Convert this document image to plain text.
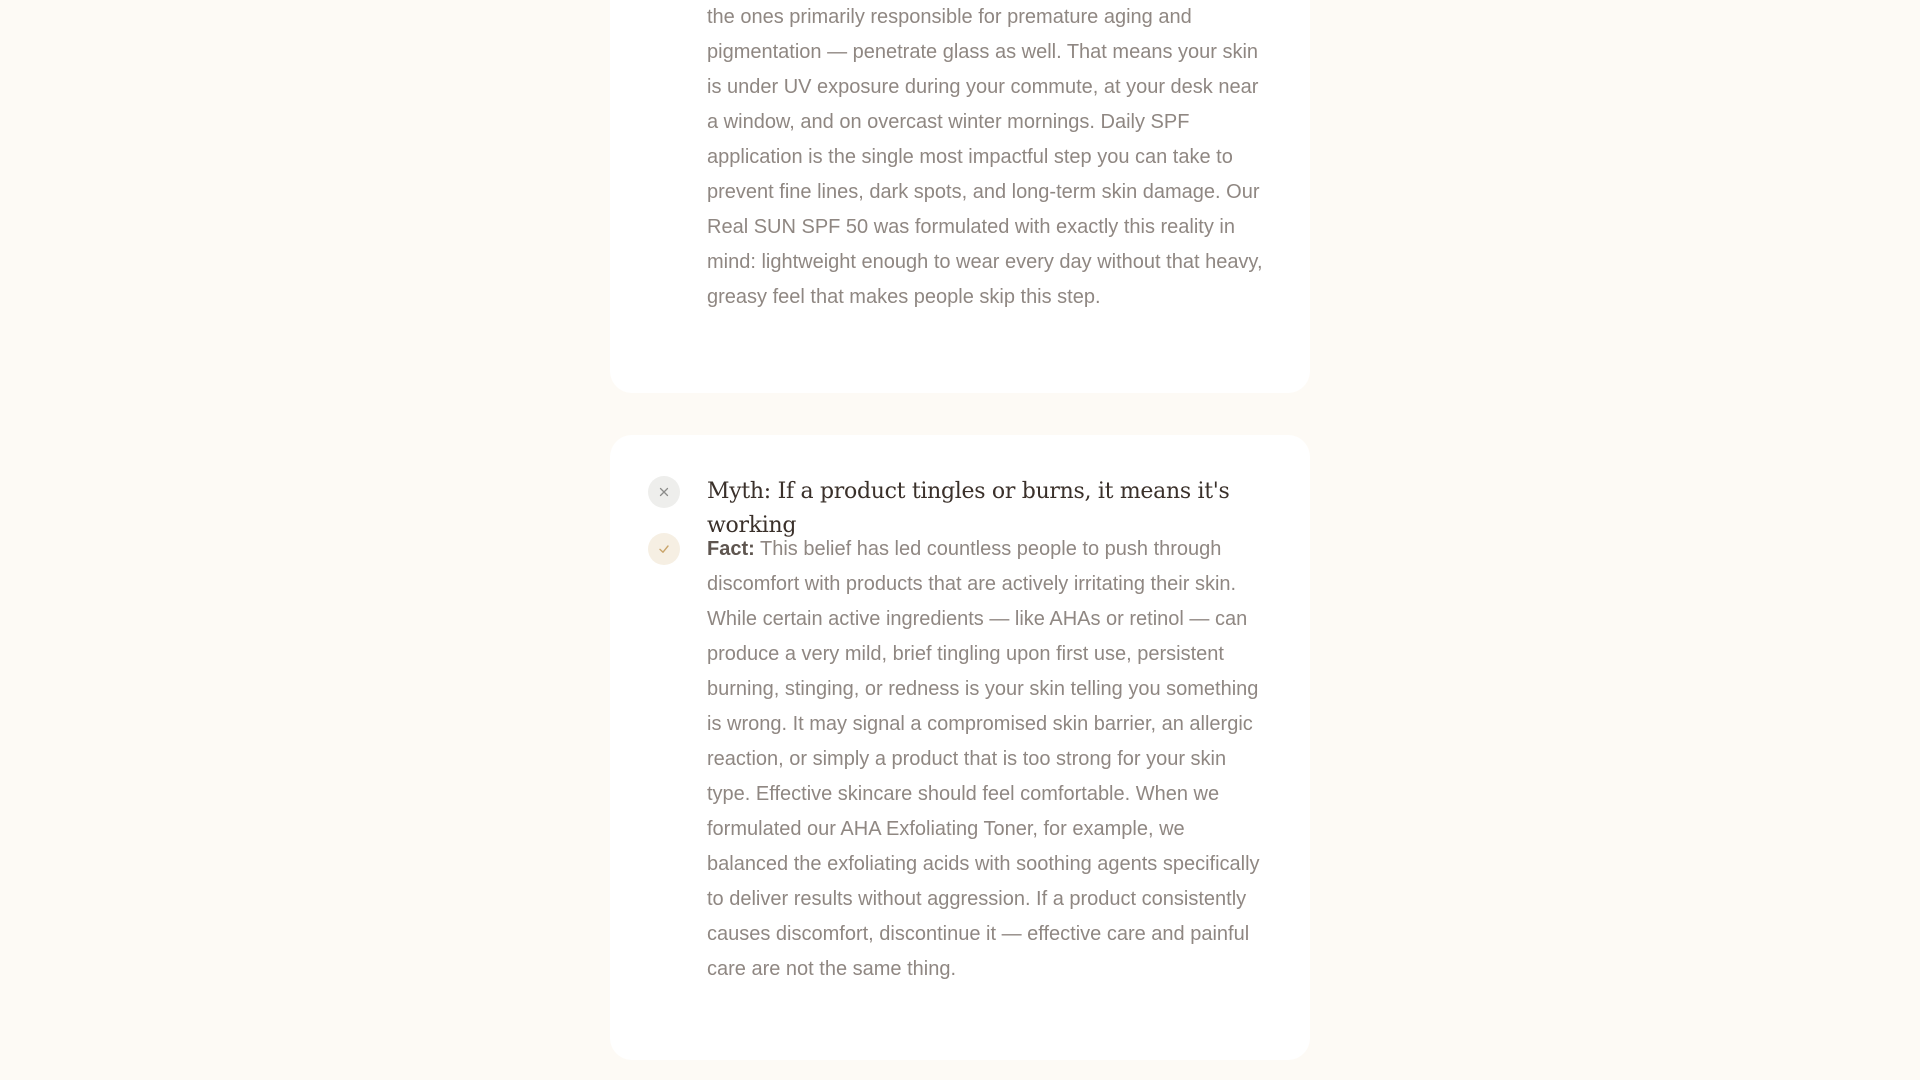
the ones primarily responsible for premature aging and pigmentation — penetrate glass as well. That means your skin is under UV exposure during your commute, at your desk near a window, and on overcast winter mornings. Daily SPF application is the single most impactful step you can take to prevent fine lines, dark spots, and long-term skin damage. Our Real SUN SPF 50 was formulated with exactly this reality in mind: lightweight enough to wear every day without that heavy, greasy feel that makes people skip this step.
Myth: If a product tingles or burns, it means it's working
Fact: This belief has led countless people to push through discomfort with products that are actively irritating their skin. While certain active ingredients — like AHAs or retinol — can produce a very mild, brief tingling upon first use, persistent burning, stinging, or redness is your skin telling you something is wrong. It may signal a compromised skin barrier, an allergic reaction, or simply a product that is too strong for your skin type. Effective skincare should feel comfortable. When we formulated our AHA Exfoliating Toner, for example, we balanced the exfoliating acids with soothing agents specifically to deliver results without aggression. If a product consistently causes discomfort, discontinue it — effective care and painful care are not the same thing.
